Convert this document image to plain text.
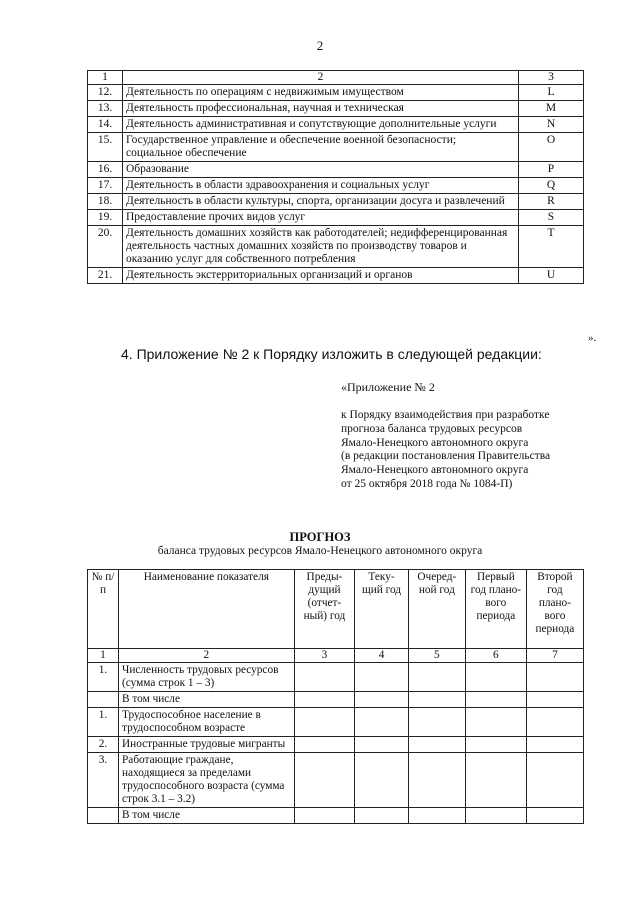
2
1	2	3
12.	Деятельность по операциям с недвижимым имуществом	L
13.	Деятельность профессиональная, научная и техническая	M
14.	Деятельность административная и сопутствующие дополнительные услуги	N
15.	Государственное управление и обеспечение военной безопасности; социальное обеспечение	O
16.	Образование	P
17.	Деятельность в области здравоохранения и социальных услуг	Q
18.	Деятельность в области культуры, спорта, организации досуга и развлечений	R
19.	Предоставление прочих видов услуг	S
20.	Деятельность домашних хозяйств как работодателей; недифференцированная деятельность частных домашних хозяйств по производству товаров и оказанию услуг для собственного потребления	T
21.	Деятельность экстерриториальных организаций и органов	U
».
4. Приложение № 2 к Порядку изложить в следующей редакции:
«Приложение № 2
к Порядку взаимодействия при разработке
прогноза баланса трудовых ресурсов
Ямало-Ненецкого автономного округа
(в редакции постановления Правительства
Ямало-Ненецкого автономного округа
от 25 октября 2018 года № 1084-П)
ПРОГНОЗ
баланса трудовых ресурсов Ямало-Ненецкого автономного округа
№ п/п	Наименование показателя	Преды-дущий (отчет-ный) год	Теку-щий год	Очеред-ной год	Первый год плано-вого периода	Второй год плано-вого периода
1	2	3	4	5	6	7
1.	Численность трудовых ресурсов (сумма строк 1 – 3)					
	В том числе					
1.	Трудоспособное население в трудоспособном возрасте					
2.	Иностранные трудовые мигранты					
3.	Работающие граждане, находящиеся за пределами трудоспособного возраста (сумма строк 3.1 – 3.2)					
	В том числе					
